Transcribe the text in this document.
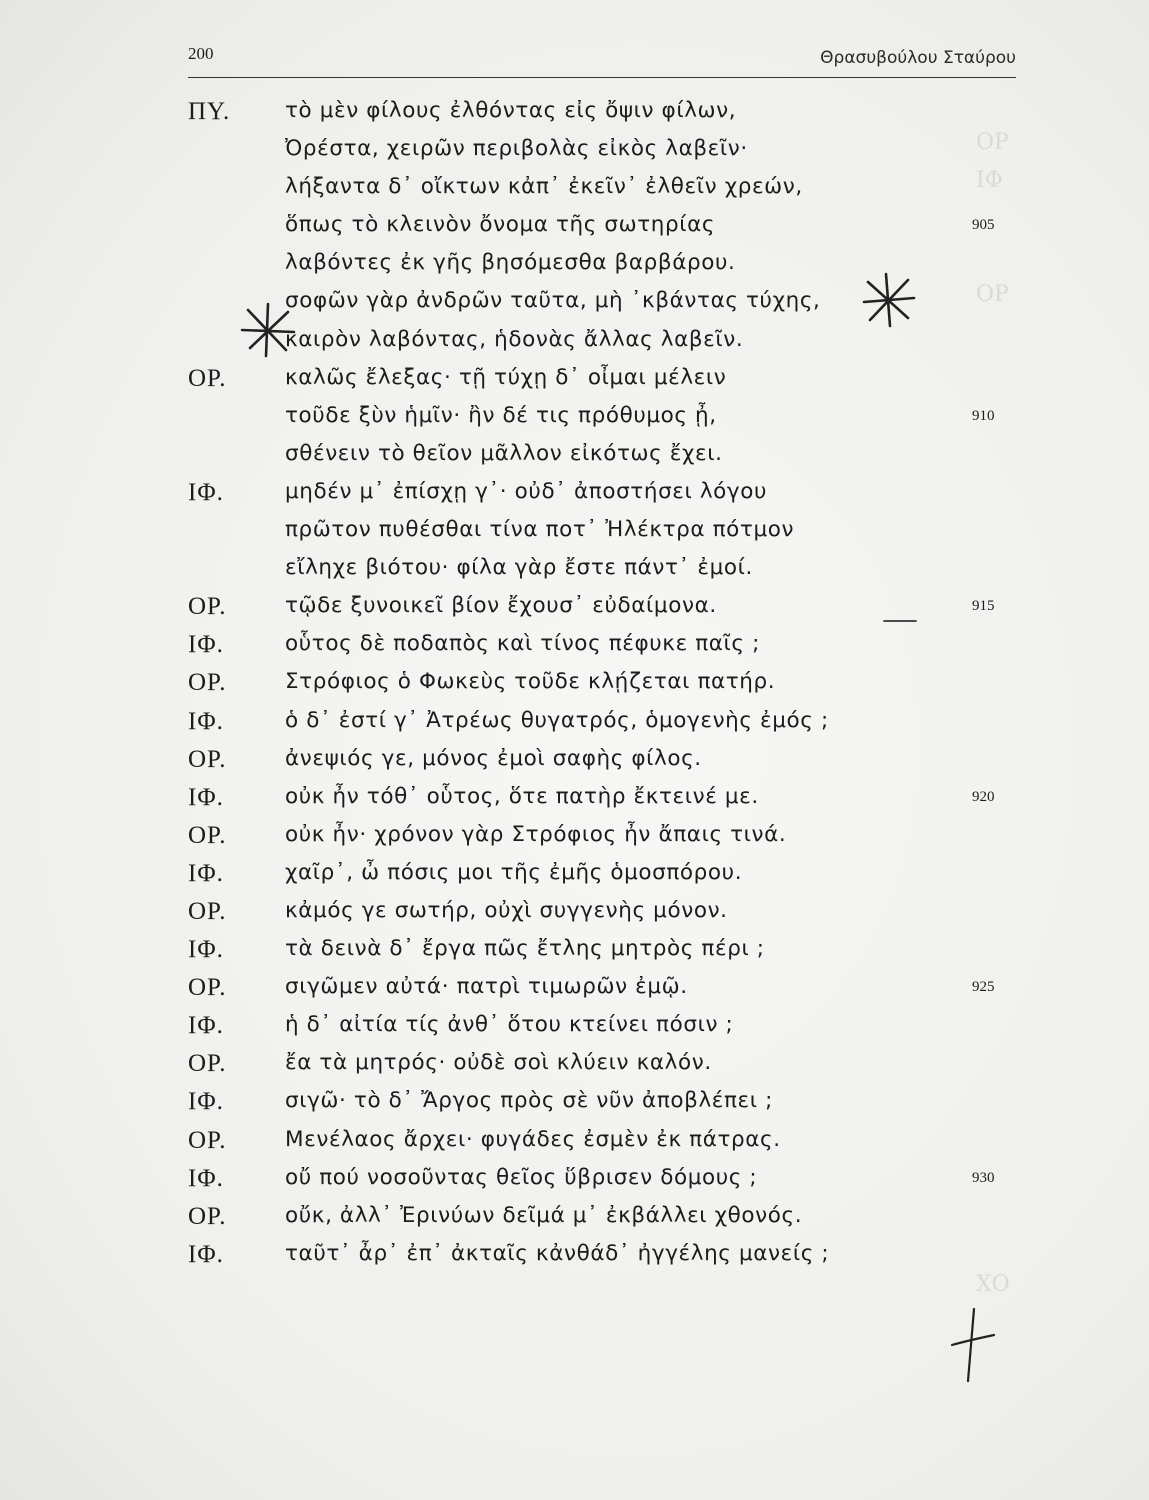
ΟΡ
ΙΦ
ΟΡ
ΧΟ
200	Θρασυβούλου Σταύρου
ΠΥ.	τὸ μὲν φίλους ἐλθόντας εἰς ὄψιν φίλων,
Ὀρέστα, χειρῶν περιβολὰς εἰκὸς λαβεῖν·
λήξαντα δ᾽ οἴκτων κἀπ᾽ ἐκεῖν᾽ ἐλθεῖν χρεών,
ὅπως τὸ κλεινὸν ὄνομα τῆς σωτηρίας	905
λαβόντες ἐκ γῆς βησόμεσθα βαρβάρου.
σοφῶν γὰρ ἀνδρῶν ταῦτα, μὴ ᾽κβάντας τύχης,
καιρὸν λαβόντας, ἡδονὰς ἄλλας λαβεῖν.
ΟΡ.	καλῶς ἔλεξας· τῇ τύχῃ δ᾽ οἶμαι μέλειν
τοῦδε ξὺν ἡμῖν· ἢν δέ τις πρόθυμος ᾖ,	910
σθένειν τὸ θεῖον μᾶλλον εἰκότως ἔχει.
ΙΦ.	μηδέν μ᾽ ἐπίσχῃ γ᾽· οὐδ᾽ ἀποστήσει λόγου
πρῶτον πυθέσθαι τίνα ποτ᾽ Ἠλέκτρα πότμον
εἴληχε βιότου· φίλα γὰρ ἔστε πάντ᾽ ἐμοί.
ΟΡ.	τῷδε ξυνοικεῖ βίον ἔχουσ᾽ εὐδαίμονα.	915
ΙΦ.	οὗτος δὲ ποδαπὸς καὶ τίνος πέφυκε παῖς ;
ΟΡ.	Στρόφιος ὁ Φωκεὺς τοῦδε κλῄζεται πατήρ.
ΙΦ.	ὁ δ᾽ ἐστί γ᾽ Ἀτρέως θυγατρός, ὁμογενὴς ἐμός ;
ΟΡ.	ἀνεψιός γε, μόνος ἐμοὶ σαφὴς φίλος.
ΙΦ.	οὐκ ἦν τόθ᾽ οὗτος, ὅτε πατὴρ ἔκτεινέ με.	920
ΟΡ.	οὐκ ἦν· χρόνον γὰρ Στρόφιος ἦν ἄπαις τινά.
ΙΦ.	χαῖρ᾽, ὦ πόσις μοι τῆς ἐμῆς ὁμοσπόρου.
ΟΡ.	κἀμός γε σωτήρ, οὐχὶ συγγενὴς μόνον.
ΙΦ.	τὰ δεινὰ δ᾽ ἔργα πῶς ἔτλης μητρὸς πέρι ;
ΟΡ.	σιγῶμεν αὐτά· πατρὶ τιμωρῶν ἐμῷ.	925
ΙΦ.	ἡ δ᾽ αἰτία τίς ἀνθ᾽ ὅτου κτείνει πόσιν ;
ΟΡ.	ἔα τὰ μητρός· οὐδὲ σοὶ κλύειν καλόν.
ΙΦ.	σιγῶ· τὸ δ᾽ Ἄργος πρὸς σὲ νῦν ἀποβλέπει ;
ΟΡ.	Μενέλαος ἄρχει· φυγάδες ἐσμὲν ἐκ πάτρας.
ΙΦ.	οὔ πού νοσοῦντας θεῖος ὕβρισεν δόμους ;	930
ΟΡ.	οὔκ, ἀλλ᾽ Ἐρινύων δεῖμά μ᾽ ἐκβάλλει χθονός.
ΙΦ.	ταῦτ᾽ ἆρ᾽ ἐπ᾽ ἀκταῖς κἀνθάδ᾽ ἠγγέλης μανείς ;
